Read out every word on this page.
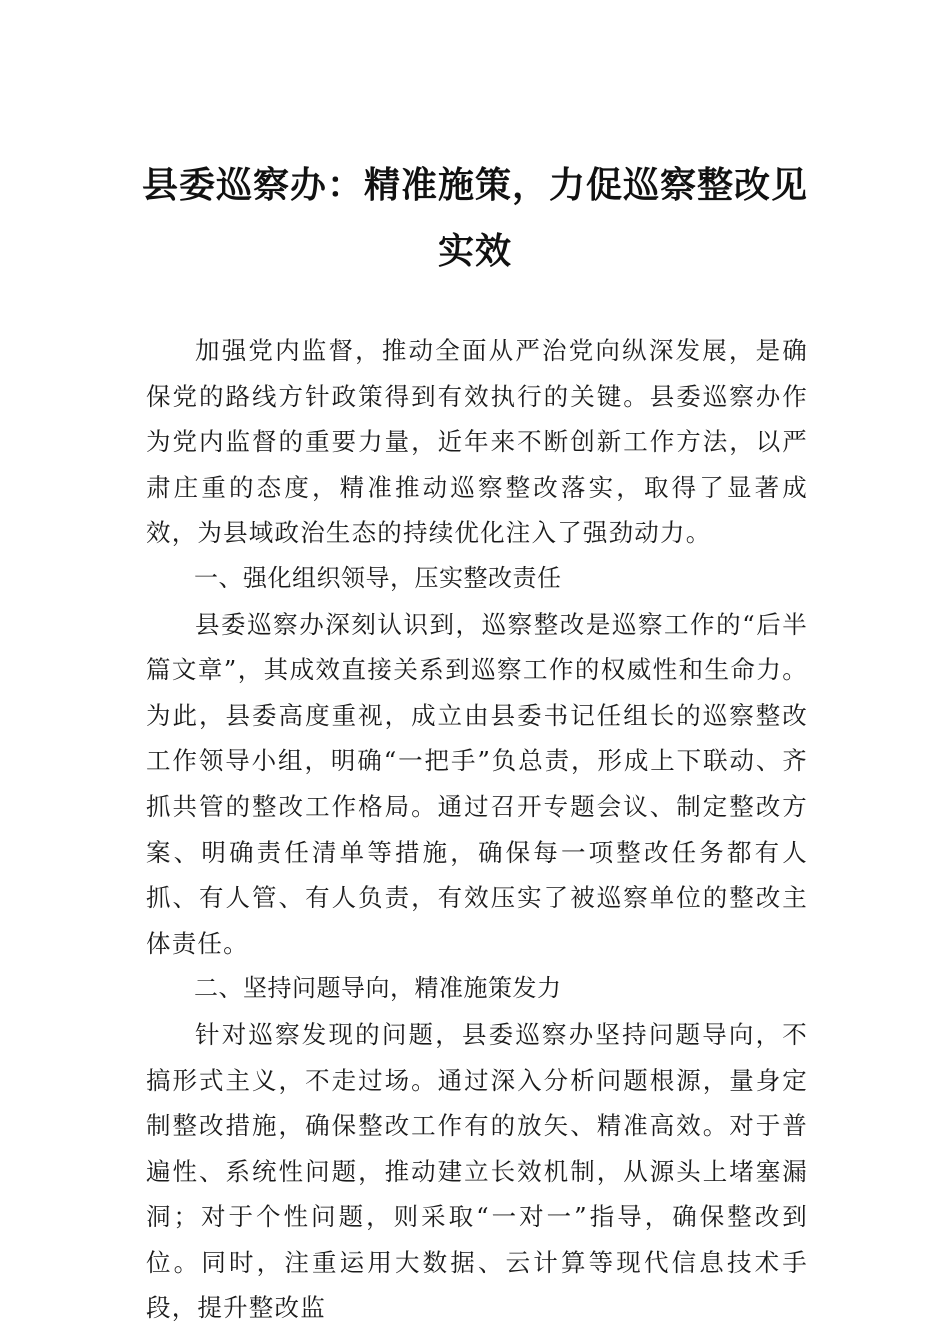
县委巡察办：精准施策，力促巡察整改见实效

加强党内监督，推动全面从严治党向纵深发展，是确保党的路线方针政策得到有效执行的关键。县委巡察办作为党内监督的重要力量，近年来不断创新工作方法，以严肃庄重的态度，精准推动巡察整改落实，取得了显著成效，为县域政治生态的持续优化注入了强劲动力。

一、强化组织领导，压实整改责任

县委巡察办深刻认识到，巡察整改是巡察工作的“后半篇文章”，其成效直接关系到巡察工作的权威性和生命力。为此，县委高度重视，成立由县委书记任组长的巡察整改工作领导小组，明确“一把手”负总责，形成上下联动、齐抓共管的整改工作格局。通过召开专题会议、制定整改方案、明确责任清单等措施，确保每一项整改任务都有人抓、有人管、有人负责，有效压实了被巡察单位的整改主体责任。

二、坚持问题导向，精准施策发力

针对巡察发现的问题，县委巡察办坚持问题导向，不搞形式主义，不走过场。通过深入分析问题根源，量身定制整改措施，确保整改工作有的放矢、精准高效。对于普遍性、系统性问题，推动建立长效机制，从源头上堵塞漏洞；对于个性问题，则采取“一对一”指导，确保整改到位。同时，注重运用大数据、云计算等现代信息技术手段，提升整改监
